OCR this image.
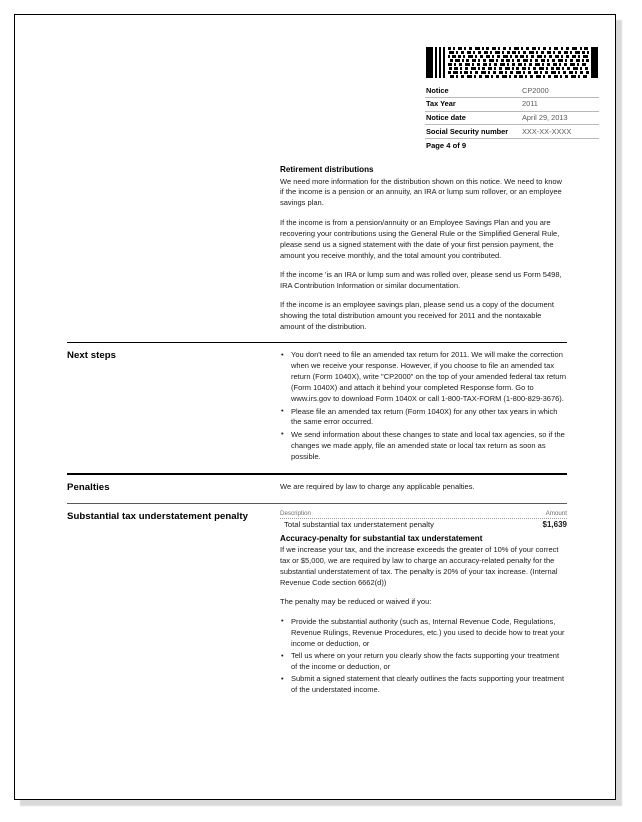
Notice	CP2000
Tax Year	2011
Notice date	April 29, 2013
Social Security number	XXX-XX-XXXX
Page 4 of 9
Retirement distributions

We need more information for the distribution shown on this notice. We need to know if the income is a pension or an annuity, an IRA or lump sum rollover, or an employee savings plan.

If the income is from a pension/annuity or an Employee Savings Plan and you are recovering your contributions using the General Rule or the Simplified General Rule, please send us a signed statement with the date of your first pension payment, the amount you receive monthly, and the total amount you contributed.

If the income 'is an IRA or lump sum and was rolled over, please send us Form 5498, IRA Contribution Information or similar documentation.

If the income is an employee savings plan, please send us a copy of the document showing the total distribution amount you received for 2011 and the nontaxable amount of the distribution.

Next steps	• You don't need to file an amended tax return for 2011. We will make the correction when we receive your response. However, if you choose to file an amended tax return (Form 1040X), write "CP2000" on the top of your amended federal tax return (Form 1040X) and attach it behind your completed Response form. Go to www.irs.gov to download Form 1040X or call 1-800-TAX-FORM (1-800-829-3676).
• Please file an amended tax return (Form 1040X) for any other tax years in which the same error occurred.
• We send information about these changes to state and local tax agencies, so if the changes we made apply, file an amended state or local tax return as soon as possible.
Penalties	We are required by law to charge any applicable penalties.

Substantial tax understatement penalty	Description	Amount
Total substantial tax understatement penalty	$1,639
Accuracy-penalty for substantial tax understatement

If we increase your tax, and the increase exceeds the greater of 10% of your correct tax or $5,000, we are required by law to charge an accuracy-related penalty for the substantial understatement of tax. The penalty is 20% of your tax increase. (Internal Revenue Code section 6662(d))

The penalty may be reduced or waived if you:

• Provide the substantial authority (such as, Internal Revenue Code, Regulations, Revenue Rulings, Revenue Procedures, etc.) you used to decide how to treat your income or deduction, or
• Tell us where on your return you clearly show the facts supporting your treatment of the income or deduction, or
• Submit a signed statement that clearly outlines the facts supporting your treatment of the understated income.
